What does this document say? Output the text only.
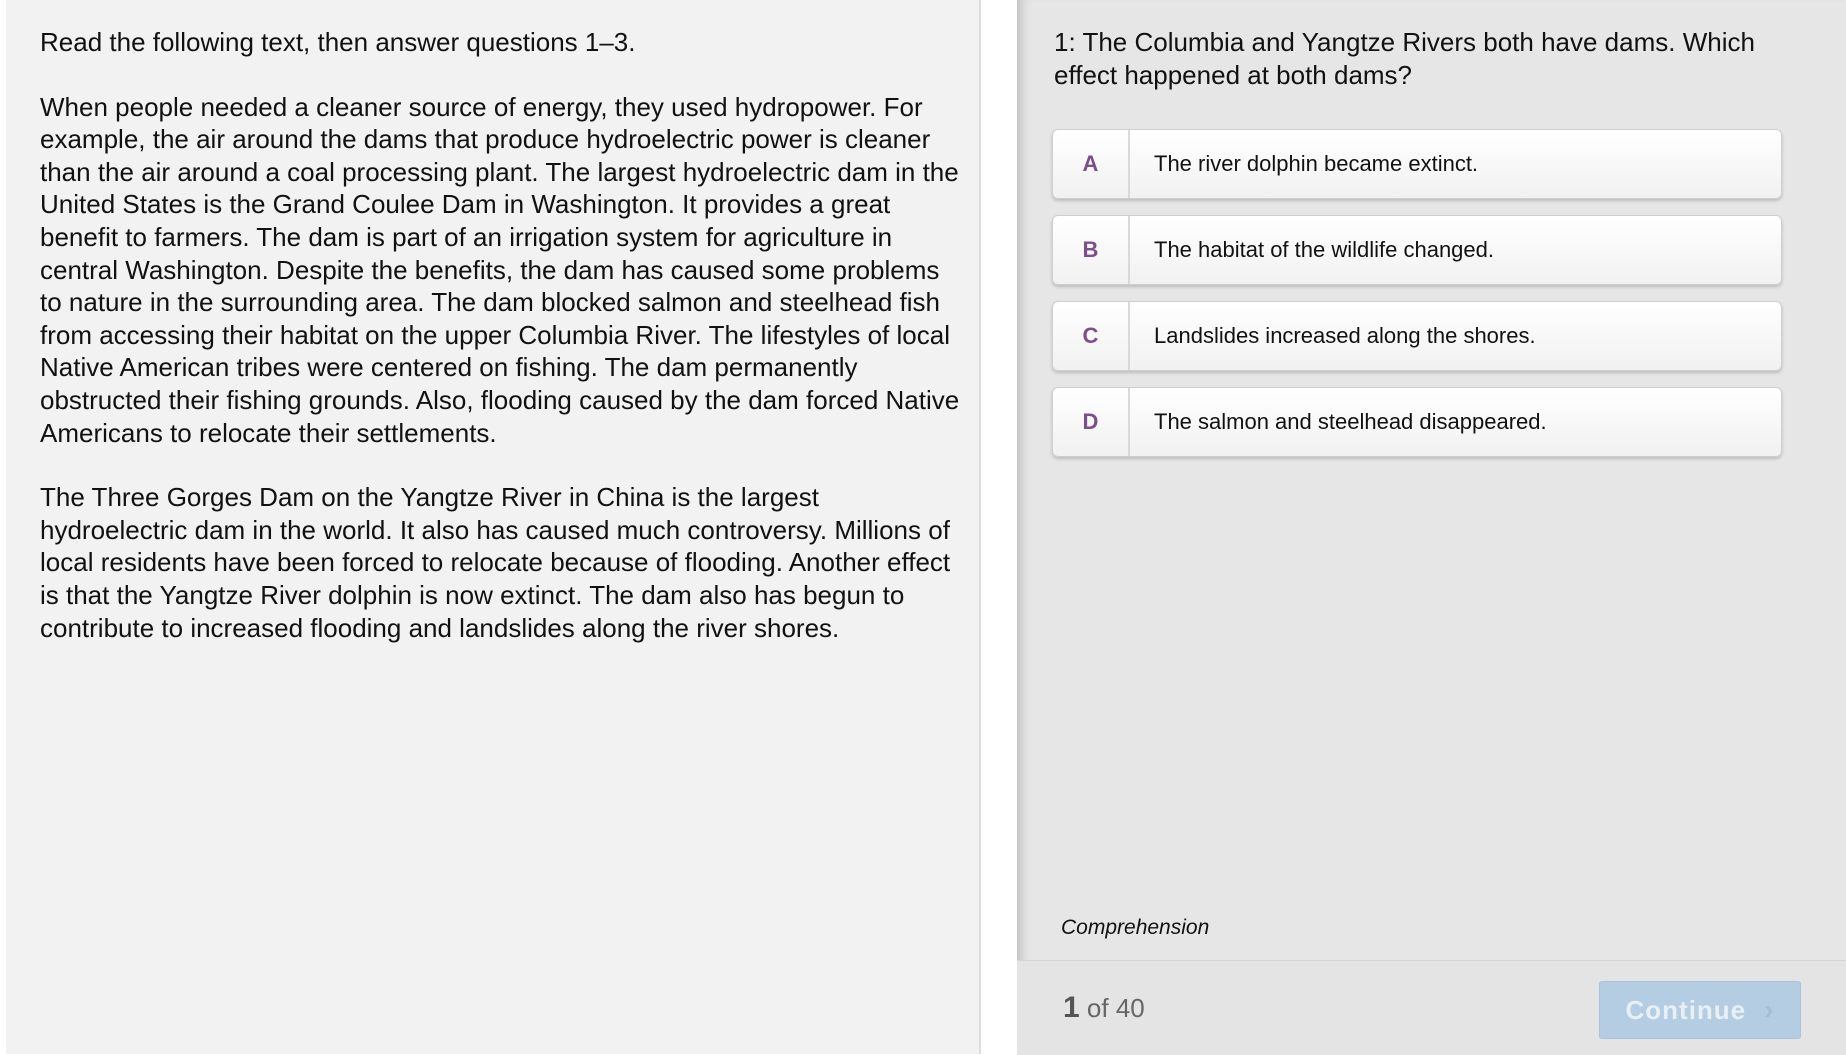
Read the following text, then answer questions 1–3.

When people needed a cleaner source of energy, they used hydropower. For example, the air around the dams that produce hydroelectric power is cleaner than the air around a coal processing plant. The largest hydroelectric dam in the United States is the Grand Coulee Dam in Washington. It provides a great benefit to farmers. The dam is part of an irrigation system for agriculture in central Washington. Despite the benefits, the dam has caused some problems to nature in the surrounding area. The dam blocked salmon and steelhead fish from accessing their habitat on the upper Columbia River. The lifestyles of local Native American tribes were centered on fishing. The dam permanently obstructed their fishing grounds. Also, flooding caused by the dam forced Native Americans to relocate their settlements.

The Three Gorges Dam on the Yangtze River in China is the largest hydroelectric dam in the world. It also has caused much controversy. Millions of local residents have been forced to relocate because of flooding. Another effect is that the Yangtze River dolphin is now extinct. The dam also has begun to contribute to increased flooding and landslides along the river shores.

1: The Columbia and Yangtze Rivers both have dams. Which effect happened at both dams?
A	The river dolphin became extinct.
B	The habitat of the wildlife changed.
C	Landslides increased along the shores.
D	The salmon and steelhead disappeared.
Comprehension
1 of 40	Continue ›
